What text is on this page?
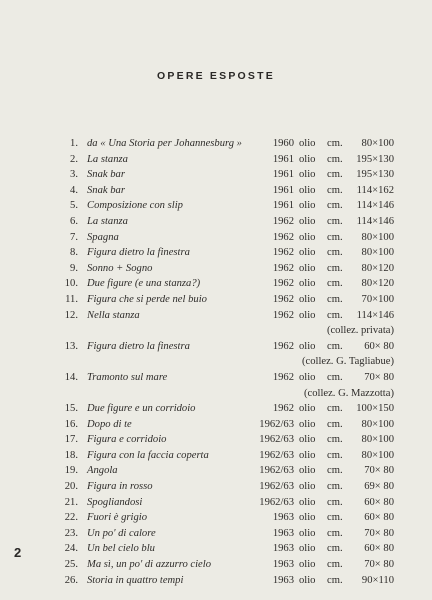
OPERE ESPOSTE
1. da « Una Storia per Johannesburg »	1960 olio	cm.	80×100
2. La stanza	1961 olio	cm.	195×130
3. Snak bar	1961 olio	cm.	195×130
4. Snak bar	1961 olio	cm.	114×162
5. Composizione con slip	1961 olio	cm.	114×146
6. La stanza	1962 olio	cm.	114×146
7. Spagna	1962 olio	cm.	80×100
8. Figura dietro la finestra	1962 olio	cm.	80×100
9. Sonno + Sogno	1962 olio	cm.	80×120
10. Due figure (e una stanza?)	1962 olio	cm.	80×120
11. Figura che si perde nel buio	1962 olio	cm.	70×100
12. Nella stanza	1962 olio	cm.	114×146
(collez. privata)
13. Figura dietro la finestra	1962 olio	cm.	60× 80
(collez. G. Tagliabue)
14. Tramonto sul mare	1962 olio	cm.	70× 80
(collez. G. Mazzotta)
15. Due figure e un corridoio	1962 olio	cm.	100×150
16. Dopo di te	1962/63 olio	cm.	80×100
17. Figura e corridoio	1962/63 olio	cm.	80×100
18. Figura con la faccia coperta	1962/63 olio	cm.	80×100
19. Angola	1962/63 olio	cm.	70× 80
20. Figura in rosso	1962/63 olio	cm.	69× 80
21. Spogliandosi	1962/63 olio	cm.	60× 80
22. Fuori è grigio	1963 olio	cm.	60× 80
23. Un po' di calore	1963 olio	cm.	70× 80
24. Un bel cielo blu	1963 olio	cm.	60× 80
25. Ma sì, un po' di azzurro cielo	1963 olio	cm.	70× 80
26. Storia in quattro tempi	1963 olio	cm.	90×110
2
